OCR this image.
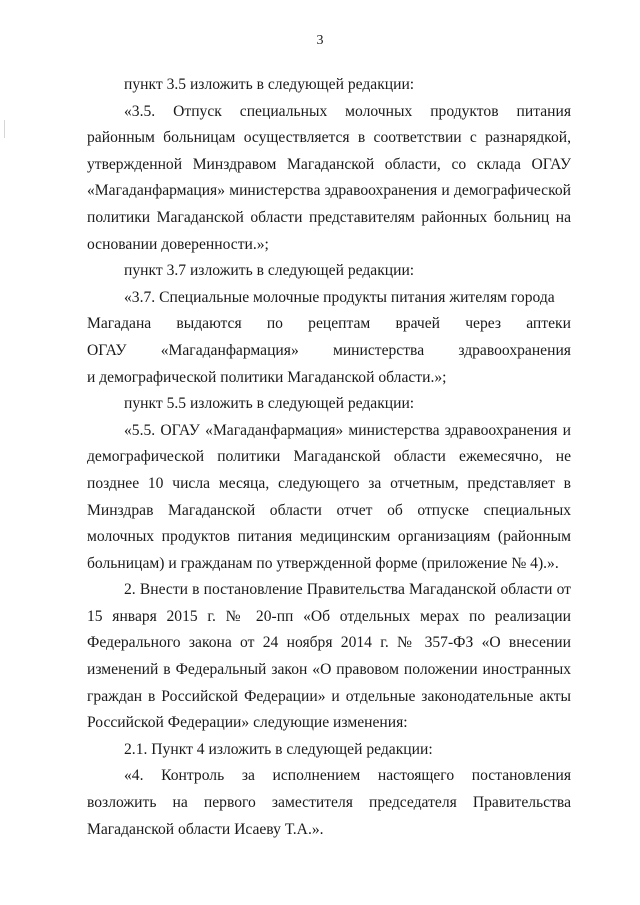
3

пункт 3.5 изложить в следующей редакции:

«3.5. Отпуск специальных молочных продуктов питания районным больницам осуществляется в соответствии с разнарядкой, утвержденной Минздравом Магаданской области, со склада ОГАУ «Магаданфармация» министерства здравоохранения и демографической политики Магаданской области представителям районных больниц на основании доверенности.»;

пункт 3.7 изложить в следующей редакции:

«3.7. Специальные молочные продукты питания жителям города

Магадана выдаются по рецептам врачей через аптеки
ОГАУ «Магаданфармация» министерства здравоохранения

и демографической политики Магаданской области.»;

пункт 5.5 изложить в следующей редакции:

«5.5. ОГАУ «Магаданфармация» министерства здравоохранения и демографической политики Магаданской области ежемесячно, не позднее 10 числа месяца, следующего за отчетным, представляет в Минздрав Магаданской области отчет об отпуске специальных молочных продуктов питания медицинским организациям (районным больницам) и гражданам по утвержденной форме (приложение № 4).».

2. Внести в постановление Правительства Магаданской области от 15 января 2015 г. № 20-пп «Об отдельных мерах по реализации Федерального закона от 24 ноября 2014 г. № 357-ФЗ «О внесении изменений в Федеральный закон «О правовом положении иностранных граждан в Российской Федерации» и отдельные законодательные акты Российской Федерации» следующие изменения:

2.1. Пункт 4 изложить в следующей редакции:

«4. Контроль за исполнением настоящего постановления возложить на первого заместителя председателя Правительства Магаданской области Исаеву Т.А.».
